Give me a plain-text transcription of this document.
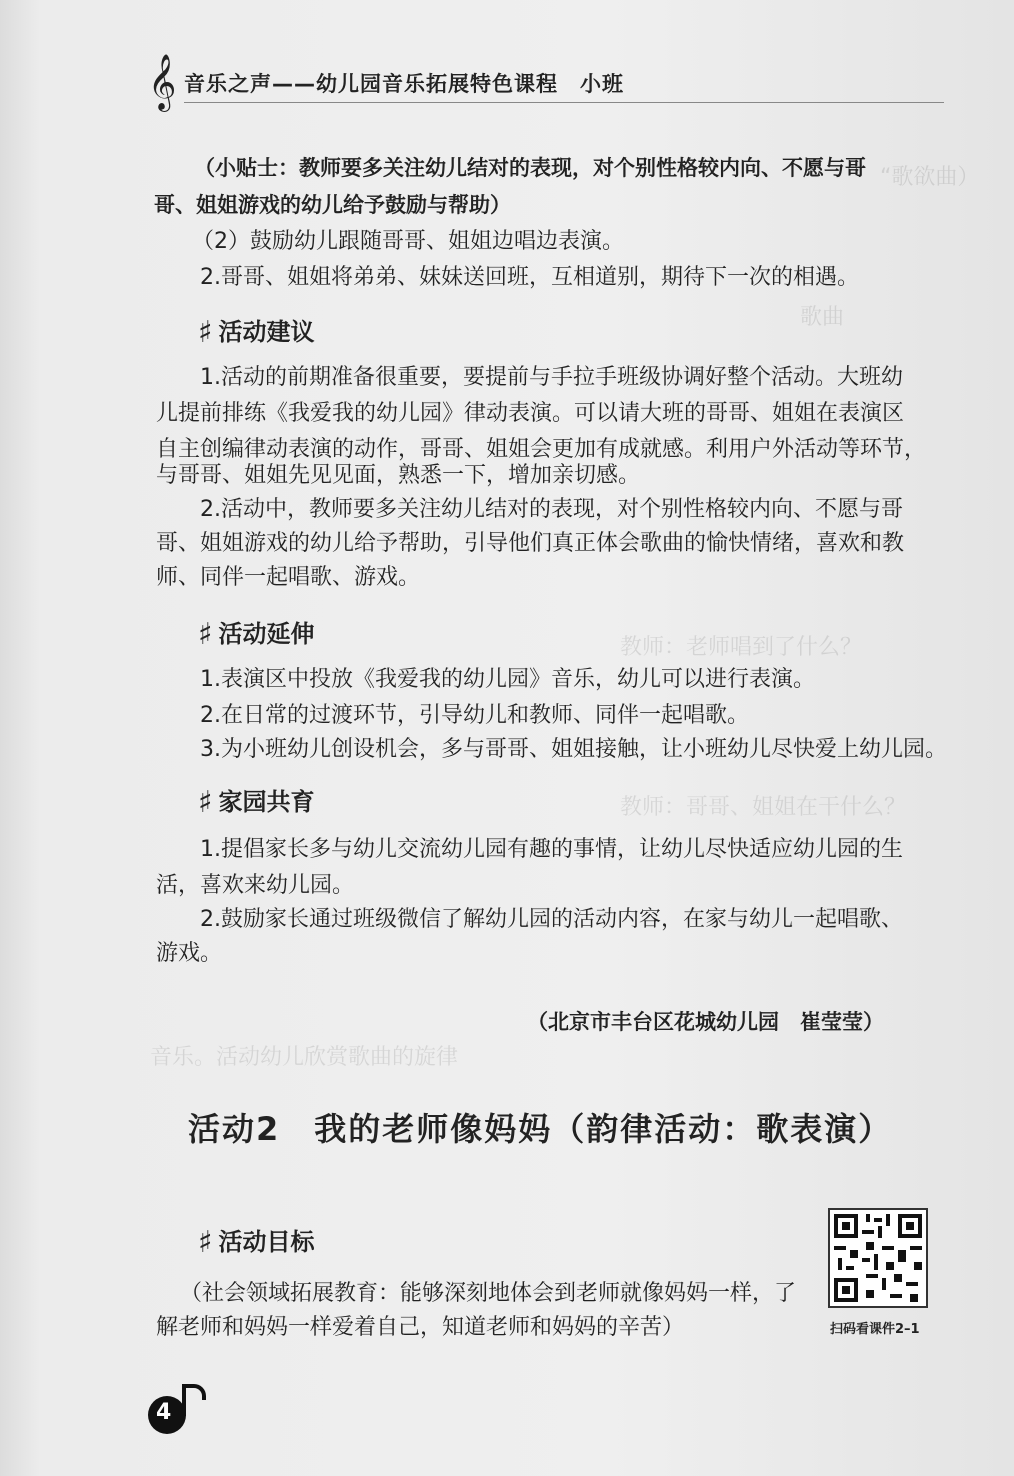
“歌欲曲）
歌曲
教师：老师唱到了什么？
教师：哥哥、姐姐在干什么？
音乐。活动幼儿欣赏歌曲的旋律
𝄞 音乐之声——幼儿园音乐拓展特色课程　小班

（小贴士：教师要多关注幼儿结对的表现，对个别性格较内向、不愿与哥

哥、姐姐游戏的幼儿给予鼓励与帮助）

（2）鼓励幼儿跟随哥哥、姐姐边唱边表演。

2.哥哥、姐姐将弟弟、妹妹送回班，互相道别，期待下一次的相遇。

♯ 活动建议

1.活动的前期准备很重要，要提前与手拉手班级协调好整个活动。大班幼

儿提前排练《我爱我的幼儿园》律动表演。可以请大班的哥哥、姐姐在表演区

自主创编律动表演的动作，哥哥、姐姐会更加有成就感。利用户外活动等环节，

与哥哥、姐姐先见见面，熟悉一下，增加亲切感。

2.活动中，教师要多关注幼儿结对的表现，对个别性格较内向、不愿与哥

哥、姐姐游戏的幼儿给予帮助，引导他们真正体会歌曲的愉快情绪，喜欢和教

师、同伴一起唱歌、游戏。

♯ 活动延伸

1.表演区中投放《我爱我的幼儿园》音乐，幼儿可以进行表演。

2.在日常的过渡环节，引导幼儿和教师、同伴一起唱歌。

3.为小班幼儿创设机会，多与哥哥、姐姐接触，让小班幼儿尽快爱上幼儿园。

♯ 家园共育

1.提倡家长多与幼儿交流幼儿园有趣的事情，让幼儿尽快适应幼儿园的生

活，喜欢来幼儿园。

2.鼓励家长通过班级微信了解幼儿园的活动内容，在家与幼儿一起唱歌、

游戏。

（北京市丰台区花城幼儿园　崔莹莹）
活动2　我的老师像妈妈（韵律活动：歌表演）
♯ 活动目标

（社会领域拓展教育：能够深刻地体会到老师就像妈妈一样，了

解老师和妈妈一样爱着自己，知道老师和妈妈的辛苦）	扫码看课件2–1
4
